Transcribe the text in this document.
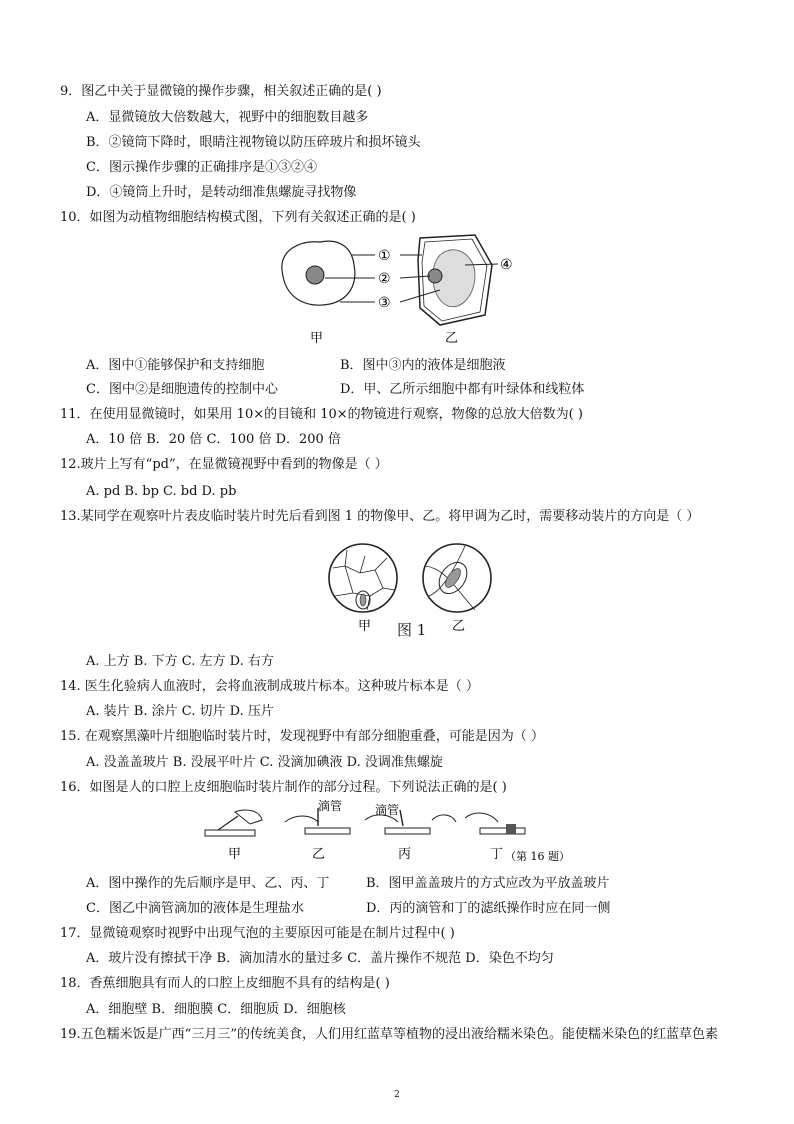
9．图乙中关于显微镜的操作步骤，相关叙述正确的是( )
A．显微镜放大倍数越大，视野中的细胞数目越多
B．②镜筒下降时，眼睛注视物镜以防压碎玻片和损坏镜头
C．图示操作步骤的正确排序是①③②④
D．④镜筒上升时，是转动细准焦螺旋寻找物像
10．如图为动植物细胞结构模式图，下列有关叙述正确的是( )
①
②
③
④
甲	乙
A．图中①能够保护和支持细胞	B．图中③内的液体是细胞液
C．图中②是细胞遗传的控制中心	D．甲、乙所示细胞中都有叶绿体和线粒体
11．在使用显微镜时，如果用 10×的目镜和 10×的物镜进行观察，物像的总放大倍数为( )
A．10 倍 B．20 倍 C．100 倍 D．200 倍
12.玻片上写有“pd”，在显微镜视野中看到的物像是（ ）
A. pd B. bp C. bd D. pb
13.某同学在观察叶片表皮临时装片时先后看到图 1 的物像甲、乙。将甲调为乙时，需要移动装片的方向是（ ）
甲	乙
图 1
A. 上方 B. 下方 C. 左方 D. 右方
14. 医生化验病人血液时，会将血液制成玻片标本。这种玻片标本是（ ）
A. 装片 B. 涂片 C. 切片 D. 压片
15. 在观察黑藻叶片细胞临时装片时，发现视野中有部分细胞重叠，可能是因为（ ）
A. 没盖盖玻片 B. 没展平叶片 C. 没滴加碘液 D. 没调准焦螺旋
16．如图是人的口腔上皮细胞临时装片制作的部分过程。下列说法正确的是( )
滴管	滴管
甲	乙	丙	丁 （第 16 题）
A．图中操作的先后顺序是甲、乙、丙、丁	B．图甲盖盖玻片的方式应改为平放盖玻片
C．图乙中滴管滴加的液体是生理盐水	D．丙的滴管和丁的滤纸操作时应在同一侧
17．显微镜观察时视野中出现气泡的主要原因可能是在制片过程中( )
A．玻片没有擦拭干净 B．滴加清水的量过多 C．盖片操作不规范 D．染色不均匀
18．香蕉细胞具有而人的口腔上皮细胞不具有的结构是( )
A．细胞壁 B．细胞膜 C．细胞质 D．细胞核
19.五色糯米饭是广西“三月三”的传统美食，人们用红蓝草等植物的浸出液给糯米染色。能使糯米染色的红蓝草色素
2
